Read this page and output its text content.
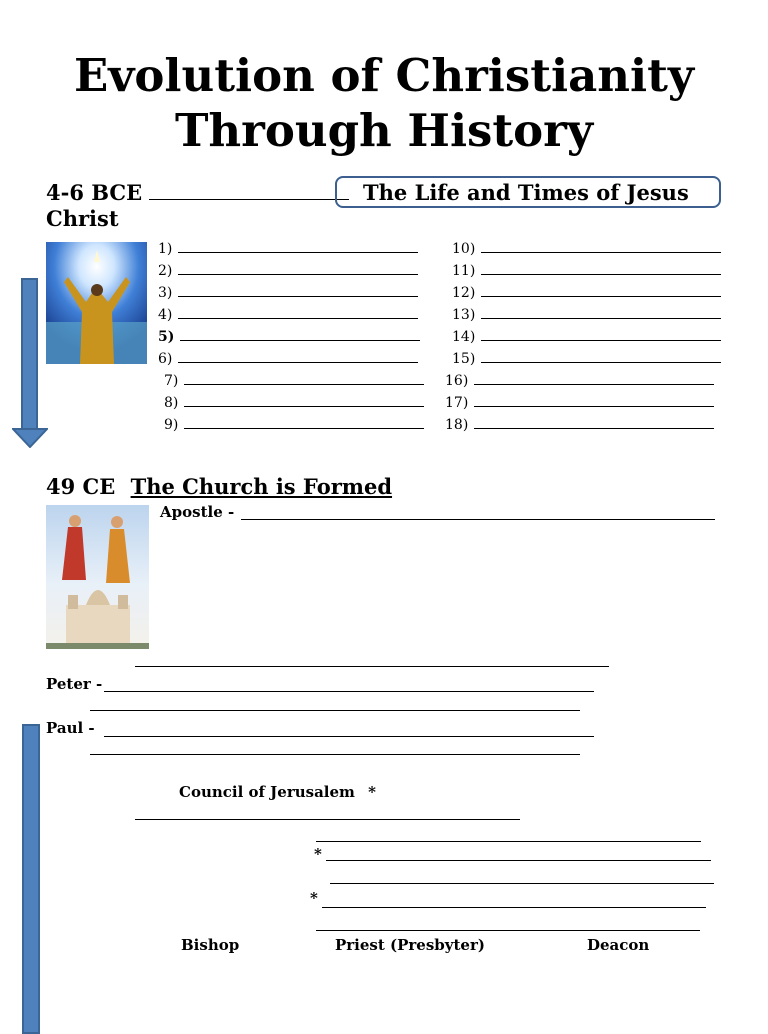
Evolution of Christianity
Through History
4-6 BCE	The Life and Times of Jesus
Christ
1)
2)
3)
4)
5)
6)
7)
8)
9)
10)
11)
12)
13)
14)
15)
16)
17)
18)
49 CE The Church is Formed
Apostle -
Peter -
Paul -
Council of Jerusalem *
*
*
Bishop	Priest (Presbyter)	Deacon
